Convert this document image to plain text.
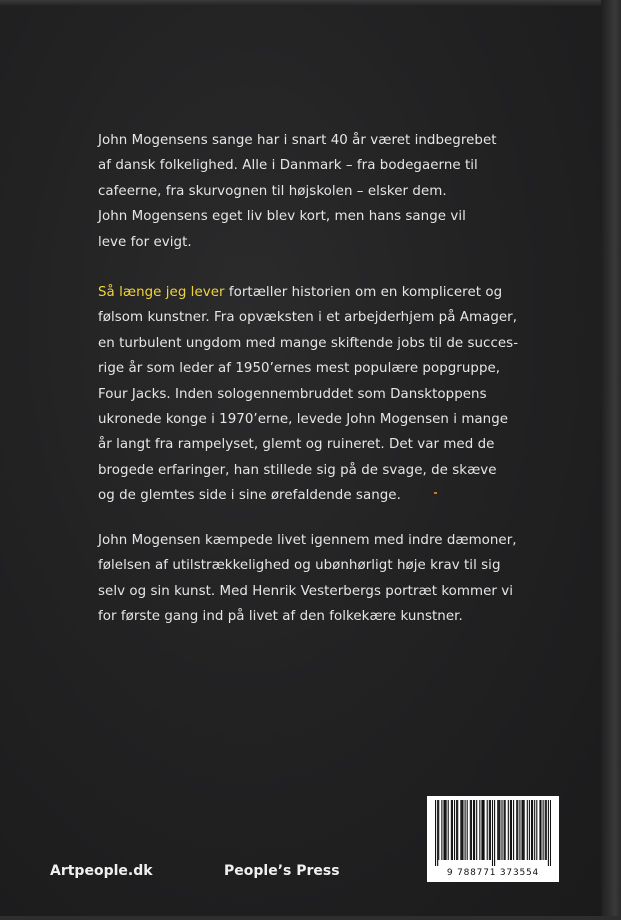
John Mogensens sange har i snart 40 år været indbegrebet
af dansk folkelighed. Alle i Danmark – fra bodegaerne til
cafeerne, fra skurvognen til højskolen – elsker dem.
John Mogensens eget liv blev kort, men hans sange vil
leve for evigt.
Så længe jeg lever fortæller historien om en kompliceret og
følsom kunstner. Fra opvæksten i et arbejderhjem på Amager,
en turbulent ungdom med mange skiftende jobs til de succes-
rige år som leder af 1950’ernes mest populære popgruppe,
Four Jacks. Inden sologennembruddet som Dansktoppens
ukronede konge i 1970’erne, levede John Mogensen i mange
år langt fra rampelyset, glemt og ruineret. Det var med de
brogede erfaringer, han stillede sig på de svage, de skæve
og de glemtes side i sine ørefaldende sange.
John Mogensen kæmpede livet igennem med indre dæmoner,
følelsen af utilstrækkelighed og ubønhørligt høje krav til sig
selv og sin kunst. Med Henrik Vesterbergs portræt kommer vi
for første gang ind på livet af den folkekære kunstner.
Artpeople.dk	People’s Press	9 788771 373554
